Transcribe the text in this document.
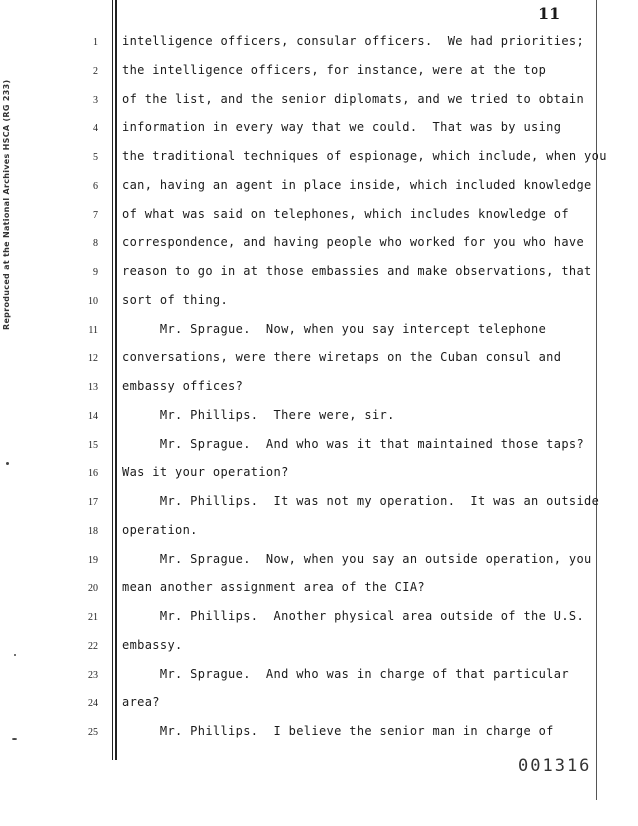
Reproduced at the National Archives HSCA (RG 233)
11
1 intelligence officers, consular officers.  We had priorities;
2 the intelligence officers, for instance, were at the top
3 of the list, and the senior diplomats, and we tried to obtain
4 information in every way that we could.  That was by using
5 the traditional techniques of espionage, which include, when you
6 can, having an agent in place inside, which included knowledge
7 of what was said on telephones, which includes knowledge of
8 correspondence, and having people who worked for you who have
9 reason to go in at those embassies and make observations, that
10 sort of thing.
11 Mr. Sprague.  Now, when you say intercept telephone
12 conversations, were there wiretaps on the Cuban consul and
13 embassy offices?
14 Mr. Phillips.  There were, sir.
15 Mr. Sprague.  And who was it that maintained those taps?
16 Was it your operation?
17 Mr. Phillips.  It was not my operation.  It was an outside
18 operation.
19 Mr. Sprague.  Now, when you say an outside operation, you
20 mean another assignment area of the CIA?
21 Mr. Phillips.  Another physical area outside of the U.S.
22 embassy.
23 Mr. Sprague.  And who was in charge of that particular
24 area?
25 Mr. Phillips.  I believe the senior man in charge of
001316
